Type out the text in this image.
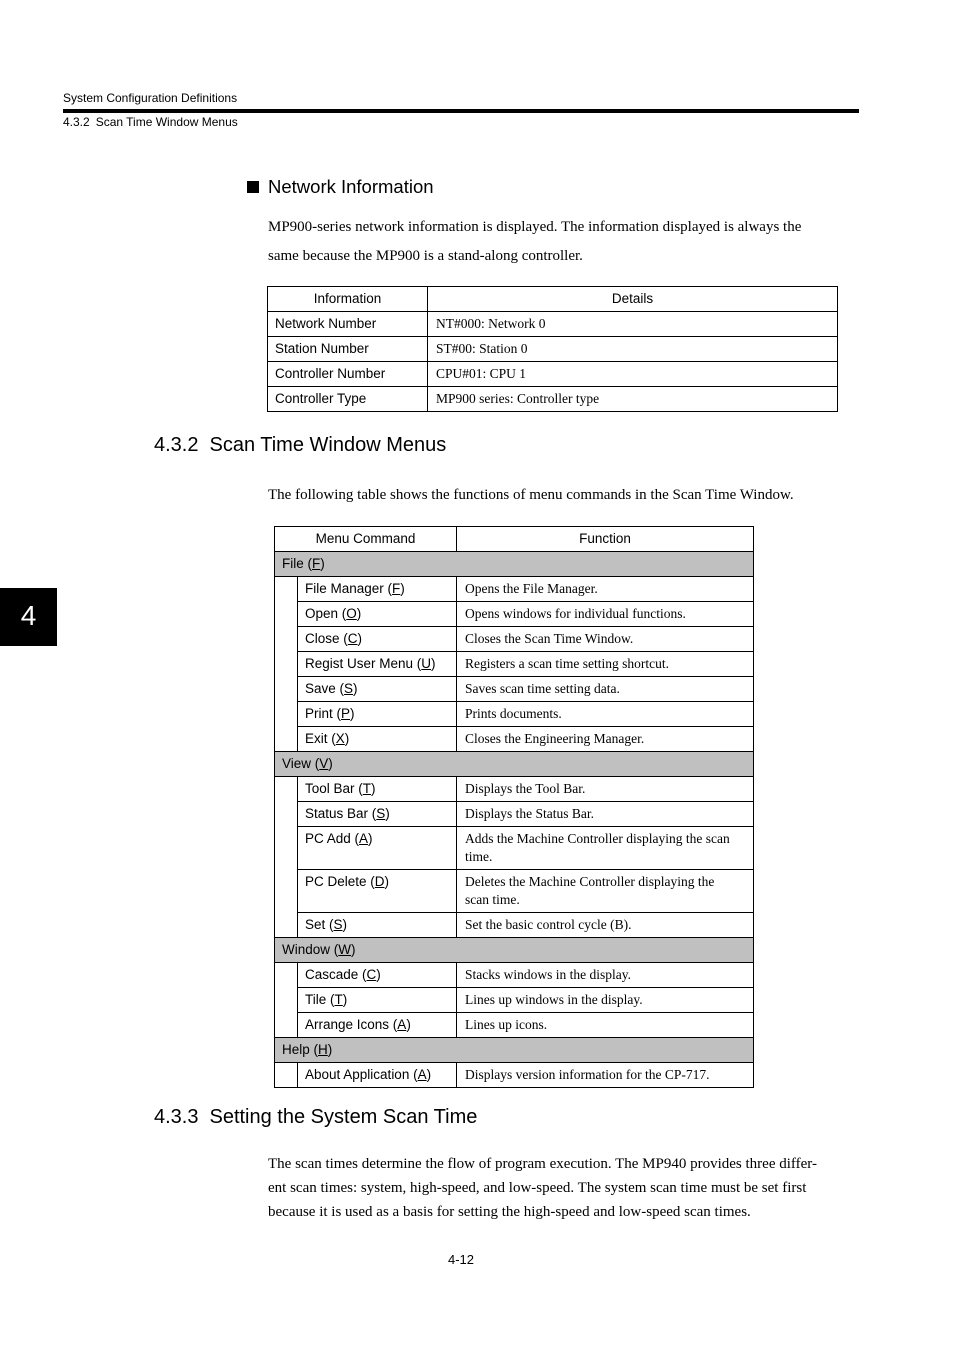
System Configuration Definitions
4.3.2 Scan Time Window Menus
4
Network Information
MP900-series network information is displayed. The information displayed is always the
same because the MP900 is a stand-along controller.
Information	Details
Network Number	NT#000: Network 0
Station Number	ST#00: Station 0
Controller Number	CPU#01: CPU 1
Controller Type	MP900 series: Controller type
4.3.2 Scan Time Window Menus
The following table shows the functions of menu commands in the Scan Time Window.
Menu Command		Function
File (F)		
	File Manager (F)	Opens the File Manager.

	Open (O)	Opens windows for individual functions.

	Close (C)	Closes the Scan Time Window.

	Regist User Menu (U)	Registers a scan time setting shortcut.

	Save (S)	Saves scan time setting data.

	Print (P)	Prints documents.

	Exit (X)	Closes the Engineering Manager.

View (V)		
	Tool Bar (T)	Displays the Tool Bar.

	Status Bar (S)	Displays the Status Bar.

	PC Add (A)	Adds the Machine Controller displaying the scan
time.

	PC Delete (D)	Deletes the Machine Controller displaying the
scan time.

	Set (S)	Set the basic control cycle (B).

Window (W)		
	Cascade (C)	Stacks windows in the display.

	Tile (T)	Lines up windows in the display.

	Arrange Icons (A)	Lines up icons.

Help (H)		
	About Application (A)	Displays version information for the CP-717.
4.3.3 Setting the System Scan Time
The scan times determine the flow of program execution. The MP940 provides three differ-
ent scan times: system, high-speed, and low-speed. The system scan time must be set first
because it is used as a basis for setting the high-speed and low-speed scan times.
4-12
